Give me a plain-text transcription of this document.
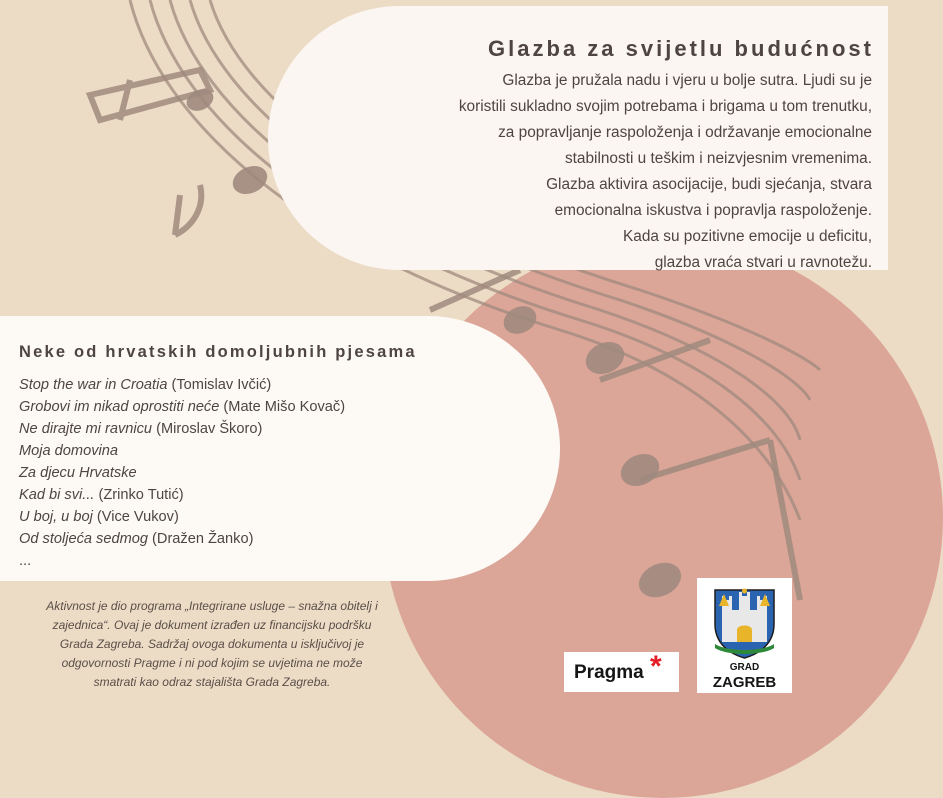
Glazba za svijetlu budućnost
Glazba je pružala nadu i vjeru u bolje sutra. Ljudi su je
koristili sukladno svojim potrebama i brigama u tom trenutku,
za popravljanje raspoloženja i održavanje emocionalne
stabilnosti u teškim i neizvjesnim vremenima.
Glazba aktivira asocijacije, budi sjećanja, stvara
emocionalna iskustva i popravlja raspoloženje.
Kada su pozitivne emocije u deficitu,
glazba vraća stvari u ravnotežu.
Neke od hrvatskih domoljubnih pjesama
Stop the war in Croatia (Tomislav Ivčić)
Grobovi im nikad oprostiti neće (Mate Mišo Kovač)
Ne dirajte mi ravnicu (Miroslav Škoro)
Moja domovina
Za djecu Hrvatske
Kad bi svi... (Zrinko Tutić)
U boj, u boj (Vice Vukov)
Od stoljeća sedmog (Dražen Žanko)
...
Aktivnost je dio programa „Integrirane usluge – snažna obitelj i
zajednica“. Ovaj je dokument izrađen uz financijsku podršku
Grada Zagreba. Sadržaj ovoga dokumenta u isključivoj je
odgovornosti Pragme i ni pod kojim se uvjetima ne može
smatrati kao odraz stajališta Grada Zagreba.	Pragma *	GRAD
ZAGREB
